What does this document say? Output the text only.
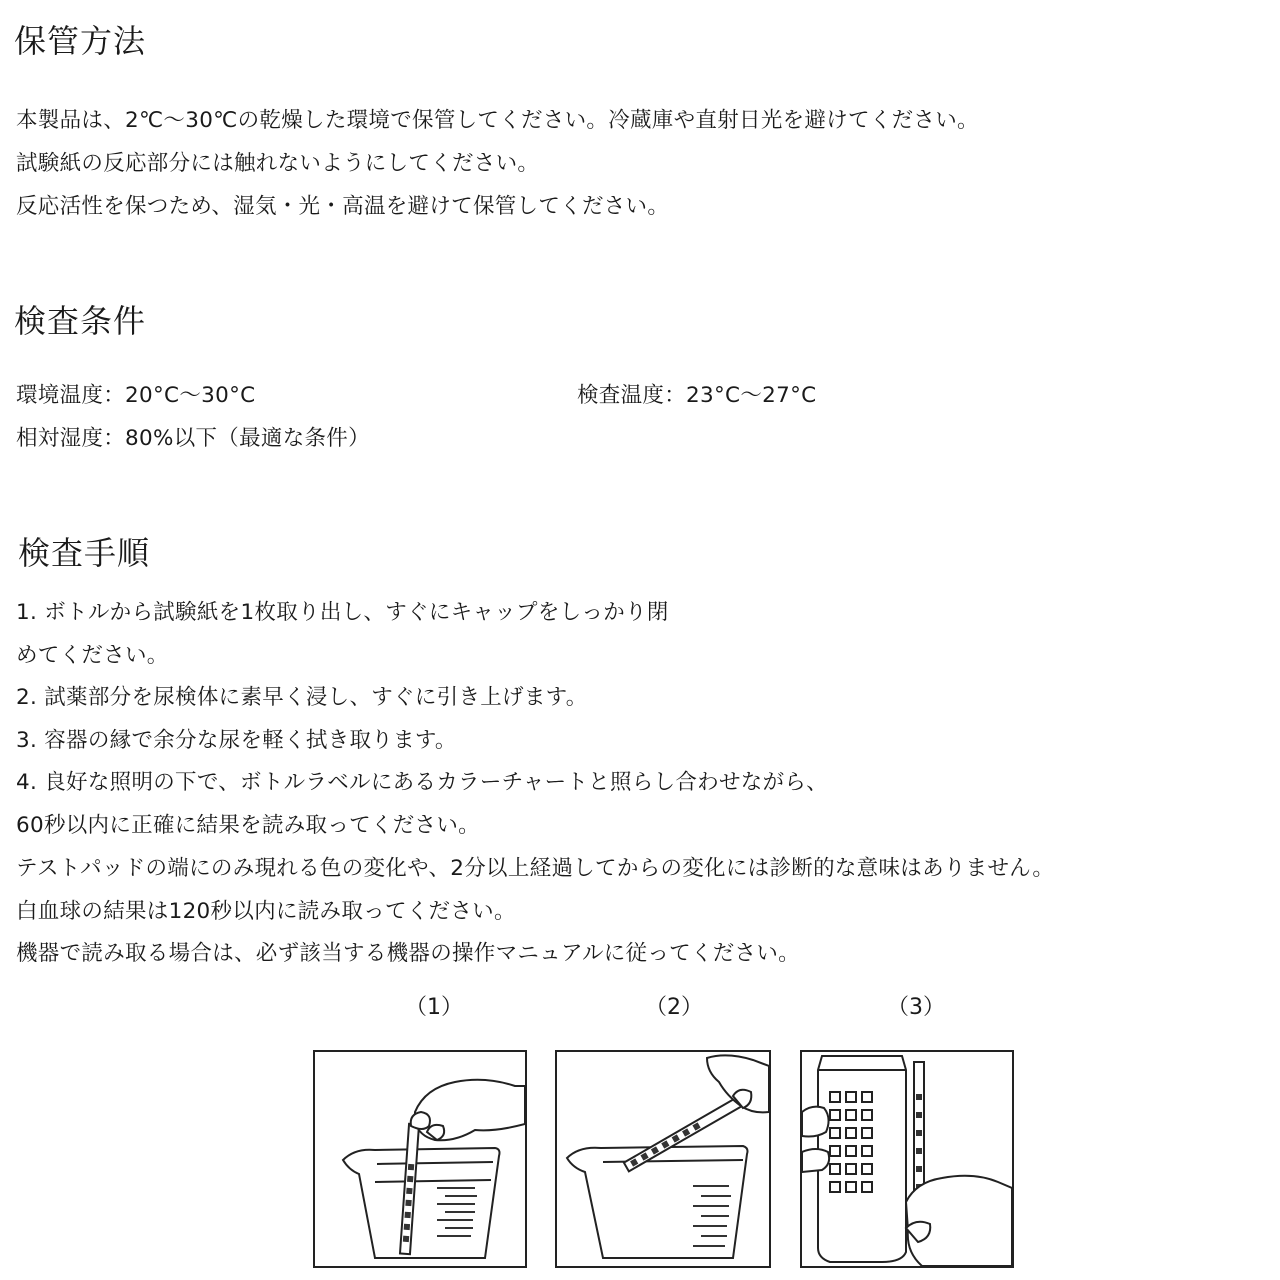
保管方法

本製品は、2℃〜30℃の乾燥した環境で保管してください。冷蔵庫や直射日光を避けてください。

試験紙の反応部分には触れないようにしてください。

反応活性を保つため、湿気・光・高温を避けて保管してください。

検査条件

環境温度：20°C〜30°C	検査温度：23°C〜27°C

相対湿度：80%以下（最適な条件）

検査手順

1. ボトルから試験紙を1枚取り出し、すぐにキャップをしっかり閉

めてください。

2. 試薬部分を尿検体に素早く浸し、すぐに引き上げます。

3. 容器の縁で余分な尿を軽く拭き取ります。

4. 良好な照明の下で、ボトルラベルにあるカラーチャートと照らし合わせながら、

60秒以内に正確に結果を読み取ってください。

テストパッドの端にのみ現れる色の変化や、2分以上経過してからの変化には診断的な意味はありません。

白血球の結果は120秒以内に読み取ってください。

機器で読み取る場合は、必ず該当する機器の操作マニュアルに従ってください。

（1）	（2）	（3）
